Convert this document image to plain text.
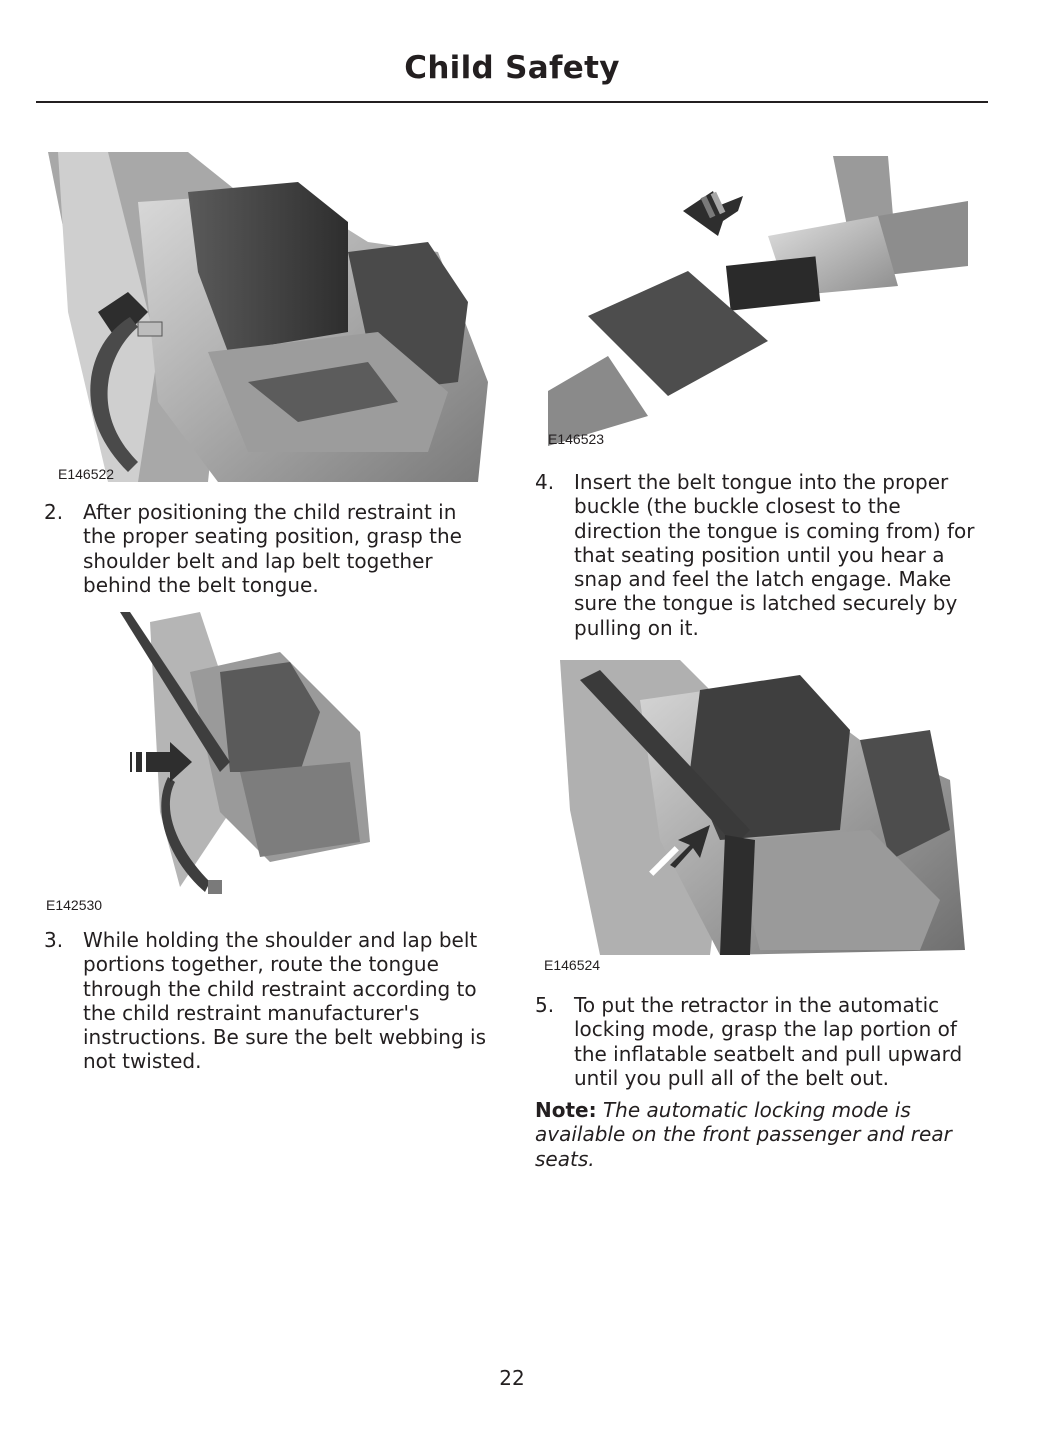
Child Safety
E146522
E146523
E142530
E146524
2. After positioning the child restraint in the proper seating position, grasp the shoulder belt and lap belt together behind the belt tongue.
3. While holding the shoulder and lap belt portions together, route the tongue through the child restraint according to the child restraint manufacturer's instructions. Be sure the belt webbing is not twisted.
4. Insert the belt tongue into the proper buckle (the buckle closest to the direction the tongue is coming from) for that seating position until you hear a snap and feel the latch engage. Make sure the tongue is latched securely by pulling on it.
5. To put the retractor in the automatic locking mode, grasp the lap portion of the inflatable seatbelt and pull upward until you pull all of the belt out.
Note: The automatic locking mode is available on the front passenger and rear seats.
22
